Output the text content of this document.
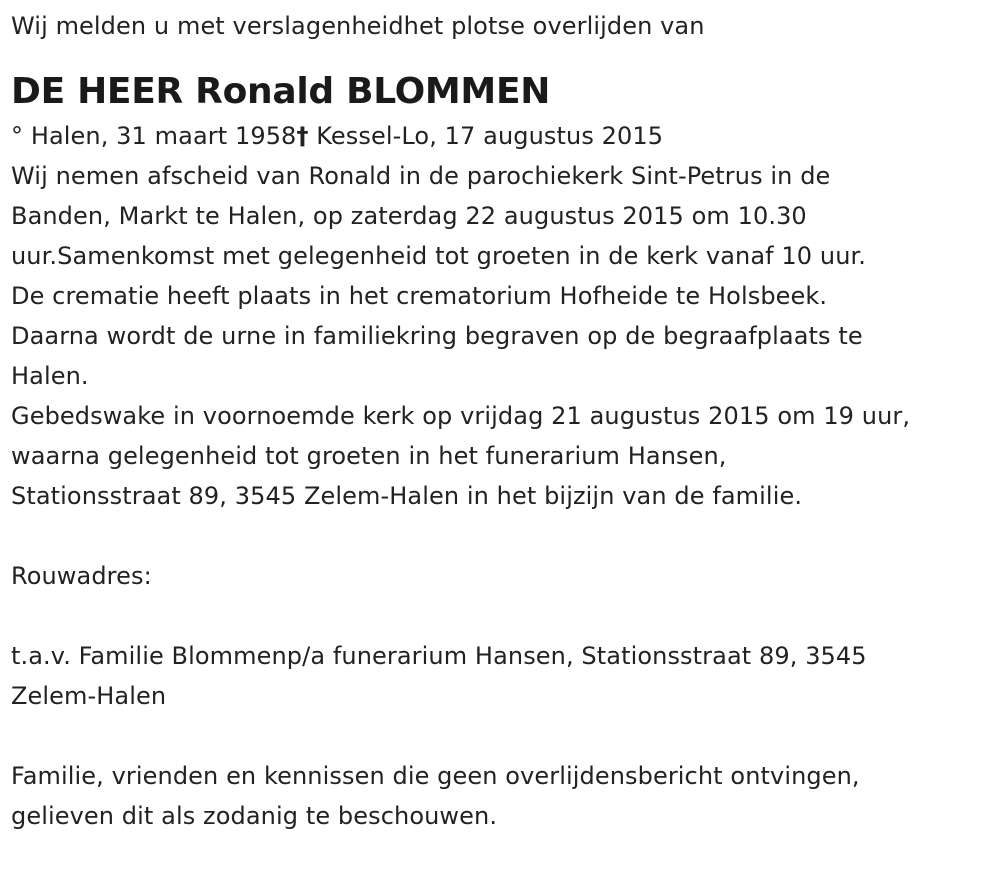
Wij melden u met verslagenheidhet plotse overlijden van

DE HEER Ronald BLOMMEN

° Halen, 31 maart 1958† Kessel-Lo, 17 augustus 2015

Wij nemen afscheid van Ronald in de parochiekerk Sint-Petrus in de

Banden, Markt te Halen, op zaterdag 22 augustus 2015 om 10.30

uur.Samenkomst met gelegenheid tot groeten in de kerk vanaf 10 uur.

De crematie heeft plaats in het crematorium Hofheide te Holsbeek.

Daarna wordt de urne in familiekring begraven op de begraafplaats te

Halen.

Gebedswake in voornoemde kerk op vrijdag 21 augustus 2015 om 19 uur,

waarna gelegenheid tot groeten in het funerarium Hansen,

Stationsstraat 89, 3545 Zelem-Halen in het bijzijn van de familie.

Rouwadres:

t.a.v. Familie Blommenp/a funerarium Hansen, Stationsstraat 89, 3545

Zelem-Halen

Familie, vrienden en kennissen die geen overlijdensbericht ontvingen,

gelieven dit als zodanig te beschouwen.
